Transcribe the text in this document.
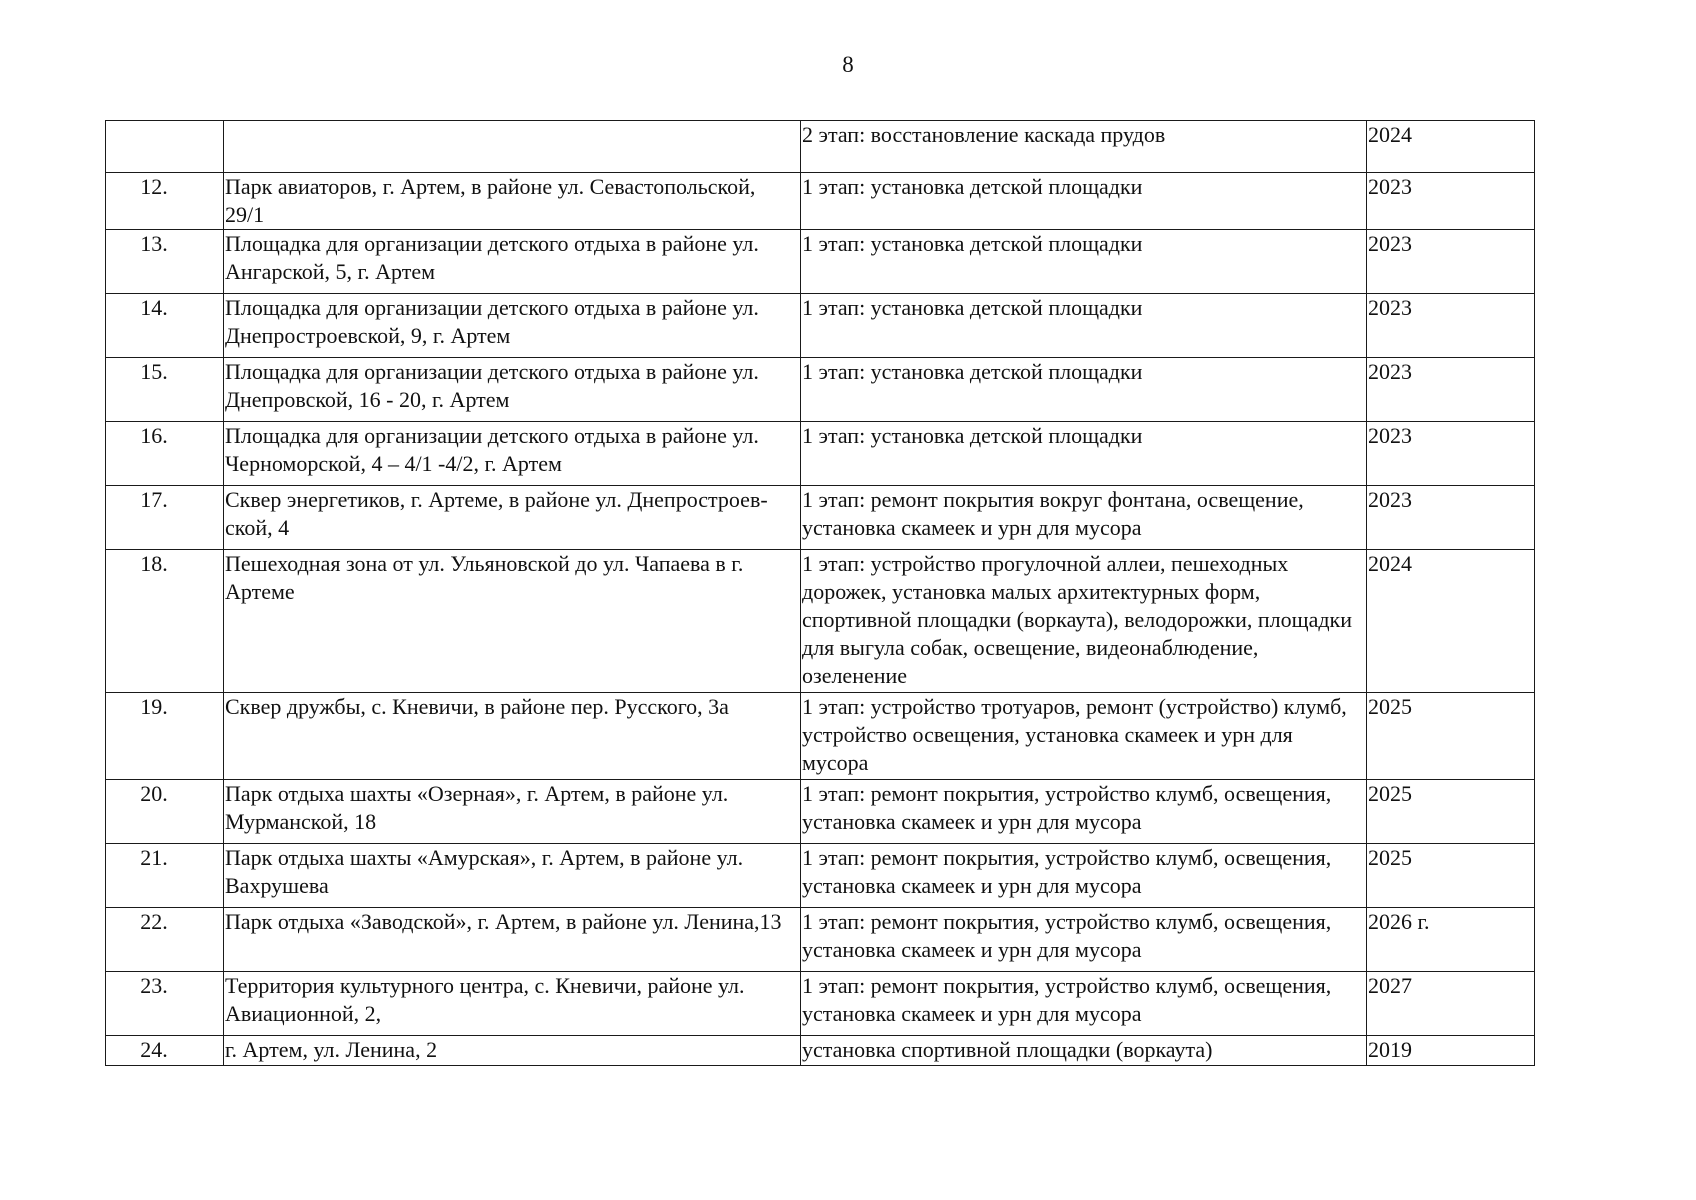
8
		2 этап: восстановление каскада прудов	2024
12.	Парк авиаторов, г. Артем, в районе ул. Севастопольской, 29/1	1 этап: установка детской площадки	2023
13.	Площадка для организации детского отдыха в районе ул. Ангарской, 5, г. Артем	1 этап: установка детской площадки	2023
14.	Площадка для организации детского отдыха в районе ул. Днепростроевской, 9, г. Артем	1 этап: установка детской площадки	2023
15.	Площадка для организации детского отдыха в районе ул. Днепровской, 16 - 20, г. Артем	1 этап: установка детской площадки	2023
16.	Площадка для организации детского отдыха в районе ул. Черноморской, 4 – 4/1 -4/2, г. Артем	1 этап: установка детской площадки	2023
17.	Сквер энергетиков, г. Артеме, в районе ул. Днепростроев-ской, 4	1 этап: ремонт покрытия вокруг фонтана, освещение, установка скамеек и урн для мусора	2023
18.	Пешеходная зона от ул. Ульяновской до ул. Чапаева в г. Артеме	1 этап: устройство прогулочной аллеи, пешеходных дорожек, установка малых архитектурных форм, спортивной площадки (воркаута), велодорожки, площадки для выгула собак, освещение, видеонаблюдение, озеленение	2024
19.	Сквер дружбы, с. Кневичи, в районе пер. Русского, 3а	1 этап: устройство тротуаров, ремонт (устройство) клумб, устройство освещения, установка скамеек и урн для мусора	2025
20.	Парк отдыха шахты «Озерная», г. Артем, в районе ул. Мурманской, 18	1 этап: ремонт покрытия, устройство клумб, освещения, установка скамеек и урн для мусора	2025
21.	Парк отдыха шахты «Амурская», г. Артем, в районе ул. Вахрушева	1 этап: ремонт покрытия, устройство клумб, освещения, установка скамеек и урн для мусора	2025
22.	Парк отдыха «Заводской», г. Артем, в районе ул. Ленина,13	1 этап: ремонт покрытия, устройство клумб, освещения, установка скамеек и урн для мусора	2026 г.
23.	Территория культурного центра, с. Кневичи, районе ул. Авиационной, 2,	1 этап: ремонт покрытия, устройство клумб, освещения, установка скамеек и урн для мусора	2027
24.	г. Артем, ул. Ленина, 2	установка спортивной площадки (воркаута)	2019
